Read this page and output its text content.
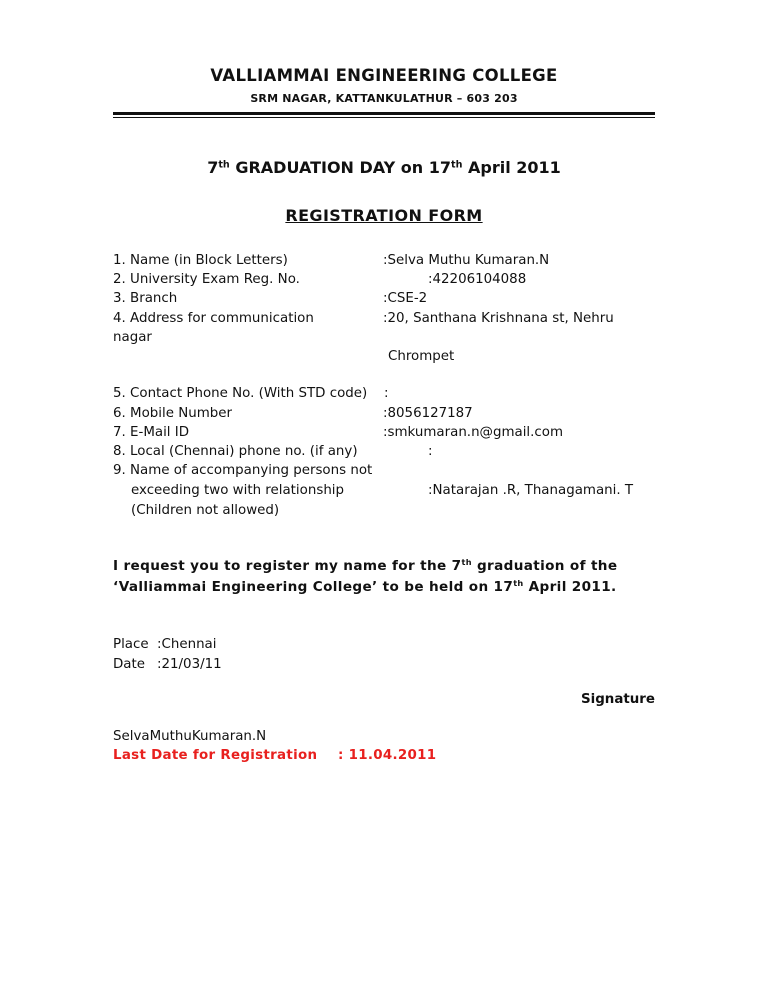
VALLIAMMAI ENGINEERING COLLEGE
SRM NAGAR, KATTANKULATHUR – 603 203
7th GRADUATION DAY on 17th April 2011
REGISTRATION FORM
1. Name (in Block Letters)	:Selva Muthu Kumaran.N
2. University Exam Reg. No.	:42206104088
3. Branch	:CSE-2
4. Address for communication	:20, Santhana Krishnana st, Nehru
nagar
Chrompet
5. Contact Phone No. (With STD code) :
6. Mobile Number	:8056127187
7. E-Mail ID	:smkumaran.n@gmail.com
8. Local (Chennai) phone no. (if any)	:
9. Name of accompanying persons not
exceeding two with relationship	:Natarajan .R, Thanagamani. T
(Children not allowed)
I request you to register my name for the 7th graduation of the
‘Valliammai Engineering College’ to be held on 17th April 2011.
Place :Chennai
Date :21/03/11
Signature
SelvaMuthuKumaran.N
Last Date for Registration : 11.04.2011
